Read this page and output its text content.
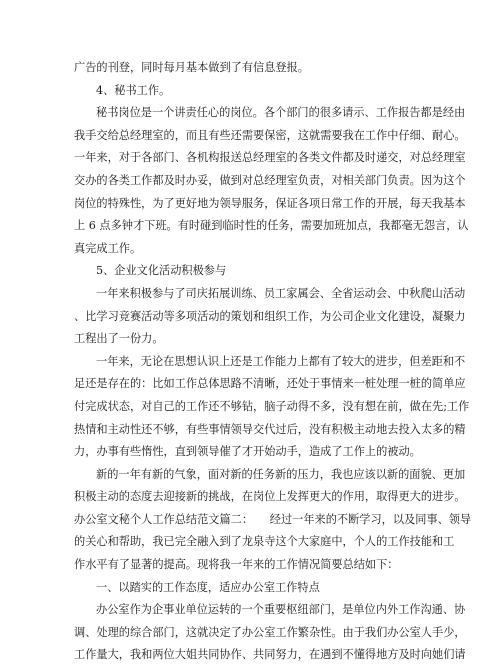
广告的刊登，同时每月基本做到了有信息登报。
4、秘书工作。
秘书岗位是一个讲责任心的岗位。各个部门的很多请示、工作报告都是经由
我手交给总经理室的，而且有些还需要保密，这就需要我在工作中仔细、耐心。
一年来，对于各部门、各机构报送总经理室的各类文件都及时递交，对总经理室
交办的各类工作都及时办妥，做到对总经理室负责，对相关部门负责。因为这个
岗位的特殊性，为了更好地为领导服务，保证各项日常工作的开展，每天我基本
上 6 点多钟才下班。有时碰到临时性的任务，需要加班加点，我都毫无怨言，认
真完成工作。
5、企业文化活动积极参与
一年来积极参与了司庆拓展训练、员工家属会、全省运动会、中秋爬山活动
、比学习竞赛活动等多项活动的策划和组织工作，为公司企业文化建设，凝聚力
工程出了一份力。
一年来，无论在思想认识上还是工作能力上都有了较大的进步，但差距和不
足还是存在的：比如工作总体思路不清晰，还处于事情来一桩处理一桩的简单应
付完成状态，对自己的工作还不够钻，脑子动得不多，没有想在前，做在先;工作
热情和主动性还不够，有些事情领导交代过后，没有积极主动地去投入太多的精
力，办事有些惰性，直到领导催了才开始动手，造成了工作上的被动。
新的一年有新的气象，面对新的任务新的压力，我也应该以新的面貌、更加
积极主动的态度去迎接新的挑战，在岗位上发挥更大的作用，取得更大的进步。
办公室文秘个人工作总结范文篇二：　　经过一年来的不断学习，以及同事、领导
的关心和帮助，我已完全融入到了龙泉寺这个大家庭中，个人的工作技能和工
作水平有了显著的提高。现将我一年来的工作情况简要总结如下：
一、以踏实的工作态度，适应办公室工作特点
办公室作为企事业单位运转的一个重要枢纽部门，是单位内外工作沟通、协
调、处理的综合部门，这就决定了办公室工作繁杂性。由于我们办公室人手少，
工作量大，我和两位大姐共同协作、共同努力，在遇到不懂得地方及时向她们请
